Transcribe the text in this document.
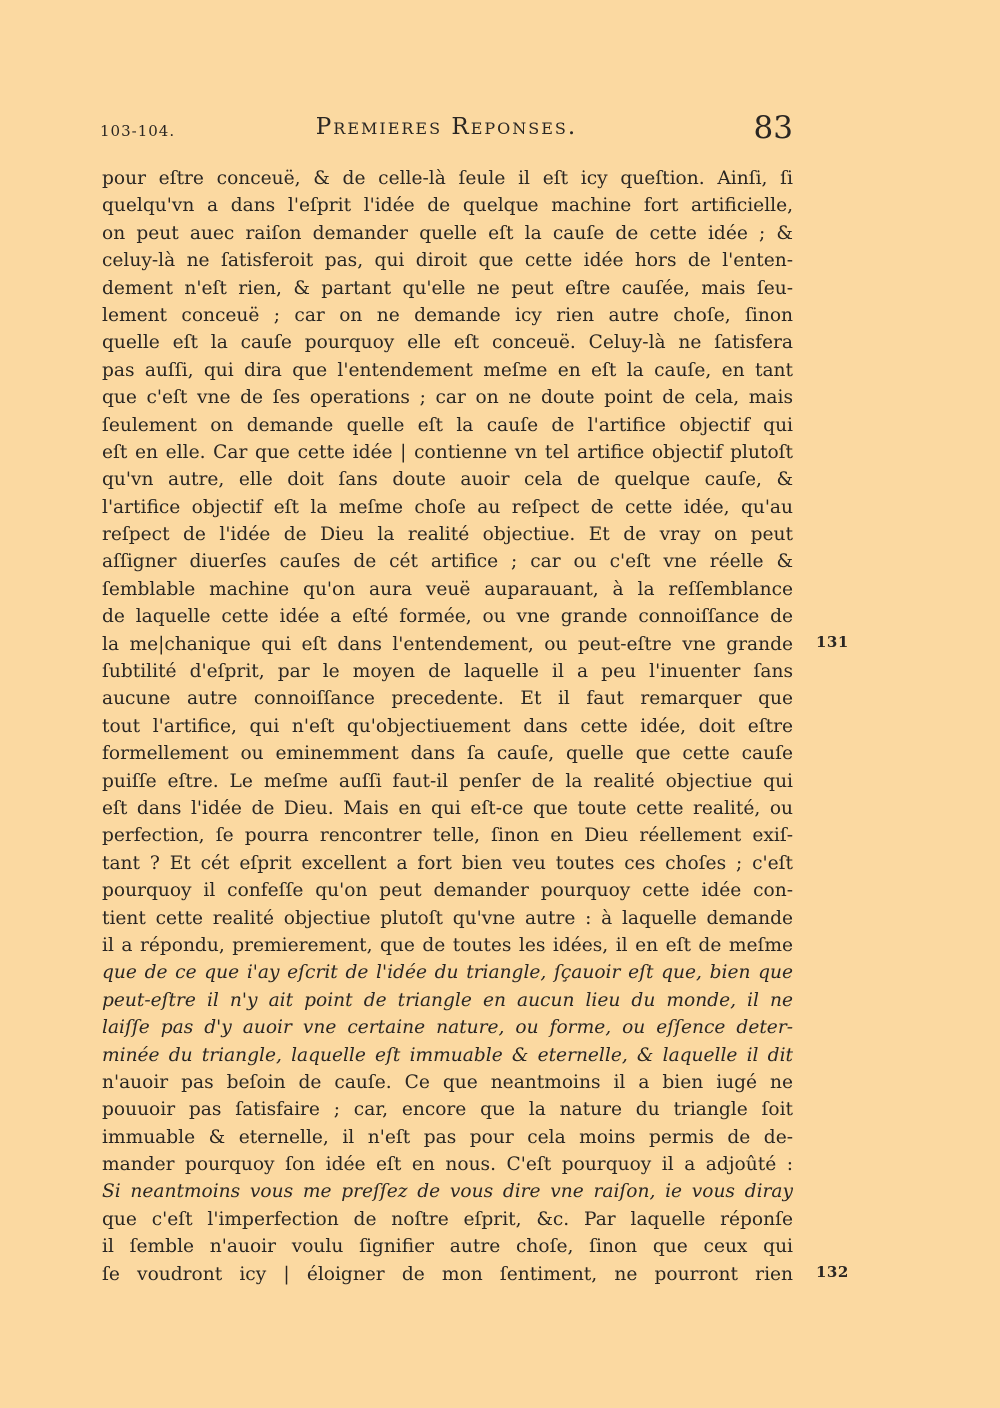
103-104.	Premieres Reponses.	83
pour eſtre conceuë, & de celle-là ſeule il eſt icy queſtion. Ainſi, ſi
quelqu'vn a dans l'eſprit l'idée de quelque machine fort artificielle,
on peut auec raiſon demander quelle eſt la cauſe de cette idée ; &
celuy-là ne ſatisferoit pas, qui diroit que cette idée hors de l'enten-
dement n'eſt rien, & partant qu'elle ne peut eſtre cauſée, mais ſeu-
lement conceuë ; car on ne demande icy rien autre choſe, ſinon
quelle eſt la cauſe pourquoy elle eſt conceuë. Celuy-là ne ſatisfera
pas auſſi, qui dira que l'entendement meſme en eſt la cauſe, en tant
que c'eſt vne de ſes operations ; car on ne doute point de cela, mais
ſeulement on demande quelle eſt la cauſe de l'artifice objectif qui
eſt en elle. Car que cette idée | contienne vn tel artifice objectif plutoſt
qu'vn autre, elle doit ſans doute auoir cela de quelque cauſe, &
l'artifice objectif eſt la meſme choſe au reſpect de cette idée, qu'au
reſpect de l'idée de Dieu la realité objectiue. Et de vray on peut
aſſigner diuerſes cauſes de cét artifice ; car ou c'eſt vne réelle &
ſemblable machine qu'on aura veuë auparauant, à la reſſemblance
de laquelle cette idée a eſté formée, ou vne grande connoiſſance de
la me|chanique qui eſt dans l'entendement, ou peut-eſtre vne grande
ſubtilité d'eſprit, par le moyen de laquelle il a peu l'inuenter ſans
aucune autre connoiſſance precedente. Et il faut remarquer que
tout l'artifice, qui n'eſt qu'objectiuement dans cette idée, doit eſtre
formellement ou eminemment dans ſa cauſe, quelle que cette cauſe
puiſſe eſtre. Le meſme auſſi faut-il penſer de la realité objectiue qui
eſt dans l'idée de Dieu. Mais en qui eſt-ce que toute cette realité, ou
perfection, ſe pourra rencontrer telle, ſinon en Dieu réellement exiſ-
tant ? Et cét eſprit excellent a fort bien veu toutes ces choſes ; c'eſt
pourquoy il confeſſe qu'on peut demander pourquoy cette idée con-
tient cette realité objectiue plutoſt qu'vne autre : à laquelle demande
il a répondu, premierement, que de toutes les idées, il en eſt de meſme
que de ce que i'ay eſcrit de l'idée du triangle, ſçauoir eſt que, bien que
peut-eſtre il n'y ait point de triangle en aucun lieu du monde, il ne
laiſſe pas d'y auoir vne certaine nature, ou forme, ou eſſence deter-
minée du triangle, laquelle eſt immuable & eternelle, & laquelle il dit
n'auoir pas beſoin de cauſe. Ce que neantmoins il a bien iugé ne
pouuoir pas ſatisfaire ; car, encore que la nature du triangle ſoit
immuable & eternelle, il n'eſt pas pour cela moins permis de de-
mander pourquoy ſon idée eſt en nous. C'eſt pourquoy il a adjoûté :
Si neantmoins vous me preſſez de vous dire vne raiſon, ie vous diray
que c'eſt l'imperfection de noſtre eſprit, &c. Par laquelle réponſe
il ſemble n'auoir voulu ſignifier autre choſe, ſinon que ceux qui
ſe voudront icy | éloigner de mon ſentiment, ne pourront rien
131
132
